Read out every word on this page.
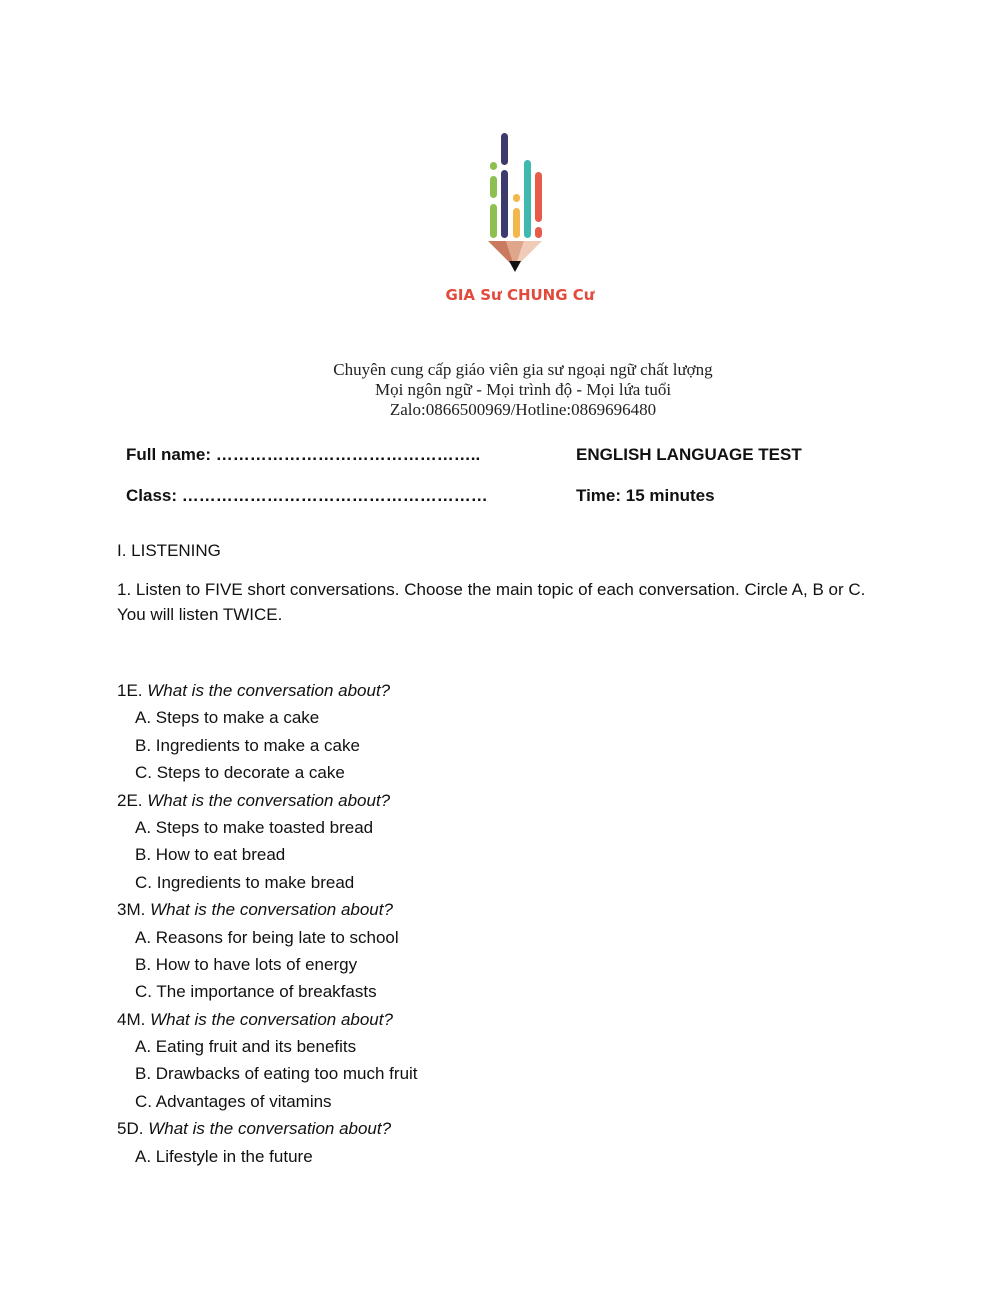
GIA Sư CHUNG Cư
Chuyên cung cấp giáo viên gia sư ngoại ngữ chất lượng
Mọi ngôn ngữ - Mọi trình độ - Mọi lứa tuổi
Zalo:0866500969/Hotline:0869696480
Full name: ………………………………………..
Class: ………………………………………………
ENGLISH LANGUAGE TEST
Time: 15 minutes
I. LISTENING
1. Listen to FIVE short conversations. Choose the main topic of each conversation. Circle A, B or C. You will listen TWICE.
1E. What is the conversation about?
A. Steps to make a cake
B. Ingredients to make a cake
C. Steps to decorate a cake
2E. What is the conversation about?
A. Steps to make toasted bread
B. How to eat bread
C. Ingredients to make bread
3M. What is the conversation about?
A. Reasons for being late to school
B. How to have lots of energy
C. The importance of breakfasts
4M. What is the conversation about?
A. Eating fruit and its benefits
B. Drawbacks of eating too much fruit
C. Advantages of vitamins
5D. What is the conversation about?
A. Lifestyle in the future
